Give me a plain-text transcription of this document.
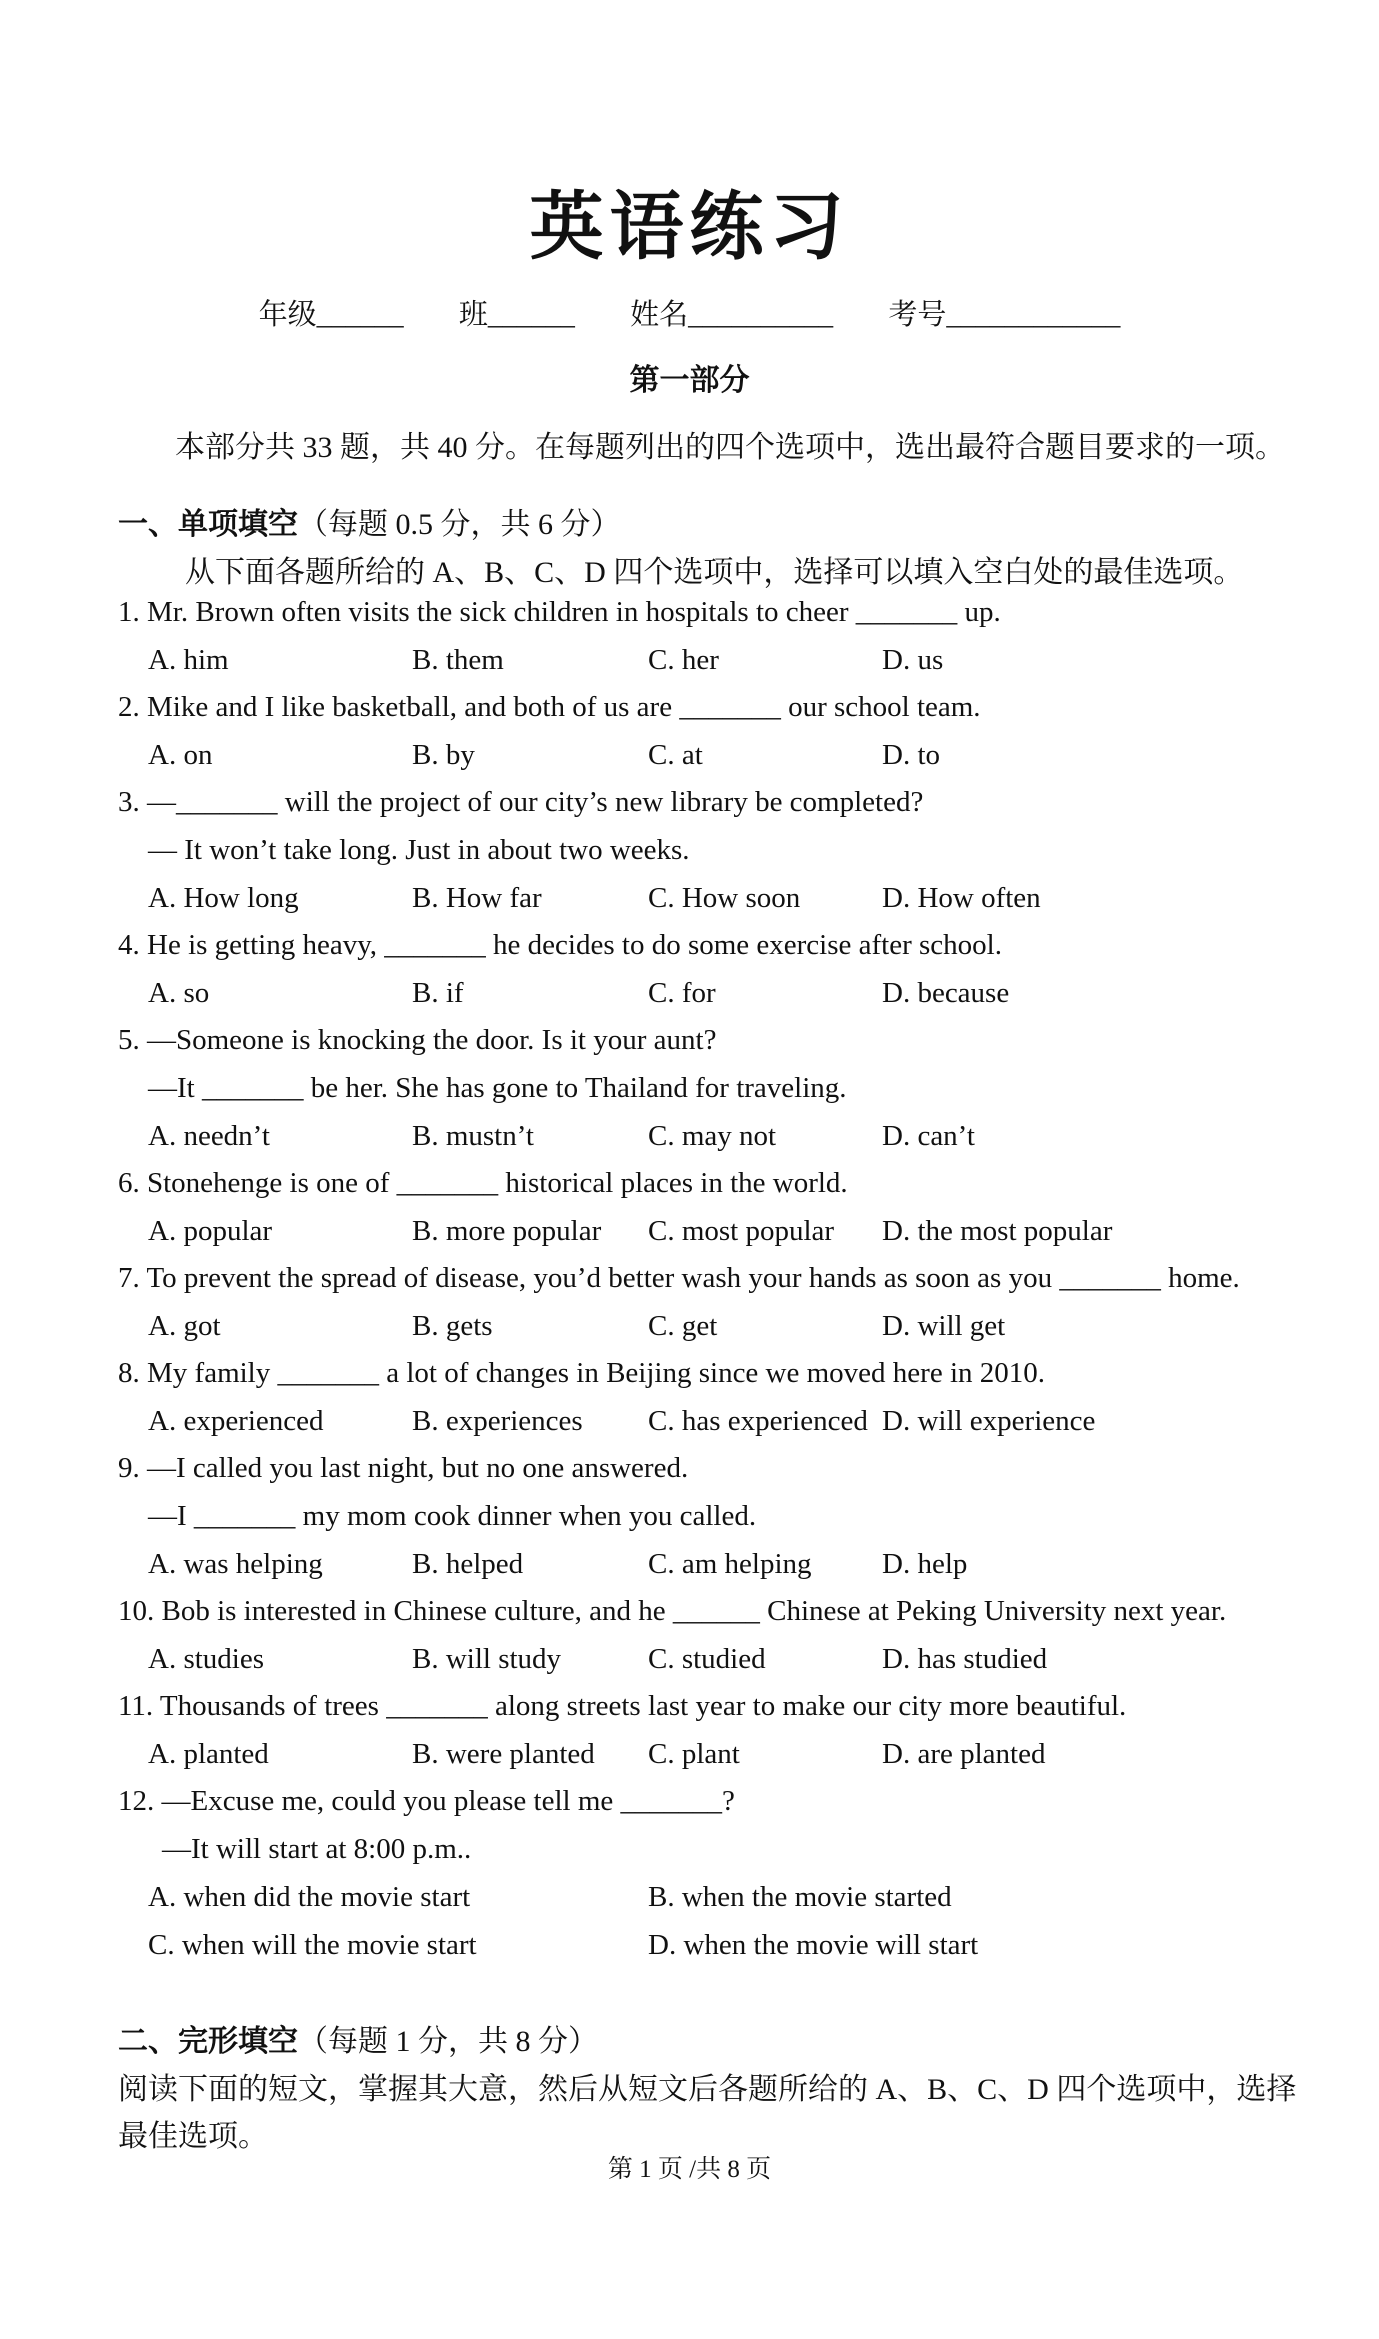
英语练习
年级______ 班______ 姓名__________ 考号____________
第一部分
本部分共 33 题，共 40 分。在每题列出的四个选项中，选出最符合题目要求的一项。
一、单项填空（每题 0.5 分，共 6 分）
从下面各题所给的 A、B、C、D 四个选项中，选择可以填入空白处的最佳选项。
1. Mr. Brown often visits the sick children in hospitals to cheer _______ up.
A. him	B. them	C. her	D. us
2. Mike and I like basketball, and both of us are _______ our school team.
A. on	B. by	C. at	D. to
3. —_______ will the project of our city’s new library be completed?
— It won’t take long. Just in about two weeks.
A. How long	B. How far	C. How soon	D. How often
4. He is getting heavy, _______ he decides to do some exercise after school.
A. so	B. if	C. for	D. because
5. —Someone is knocking the door. Is it your aunt?
—It _______ be her. She has gone to Thailand for traveling.
A. needn’t	B. mustn’t	C. may not	D. can’t
6. Stonehenge is one of _______ historical places in the world.
A. popular	B. more popular C. most popular D. the most popular
7. To prevent the spread of disease, you’d better wash your hands as soon as you _______ home.
A. got	B. gets	C. get	D. will get
8. My family _______ a lot of changes in Beijing since we moved here in 2010.
A. experienced	B. experiences C. has experienced D. will experience
9. —I called you last night, but no one answered.
—I _______ my mom cook dinner when you called.
A. was helping	B. helped	C. am helping D. help
10. Bob is interested in Chinese culture, and he ______ Chinese at Peking University next year.
A. studies	B. will study	C. studied	D. has studied
11. Thousands of trees _______ along streets last year to make our city more beautiful.
A. planted	B. were planted C. plant	D. are planted
12. —Excuse me, could you please tell me _______?
—It will start at 8:00 p.m..
A. when did the movie start	B. when the movie started
C. when will the movie start	D. when the movie will start
二、完形填空（每题 1 分，共 8 分）
阅读下面的短文，掌握其大意，然后从短文后各题所给的 A、B、C、D 四个选项中，选择
最佳选项。
第 1 页 /共 8 页
